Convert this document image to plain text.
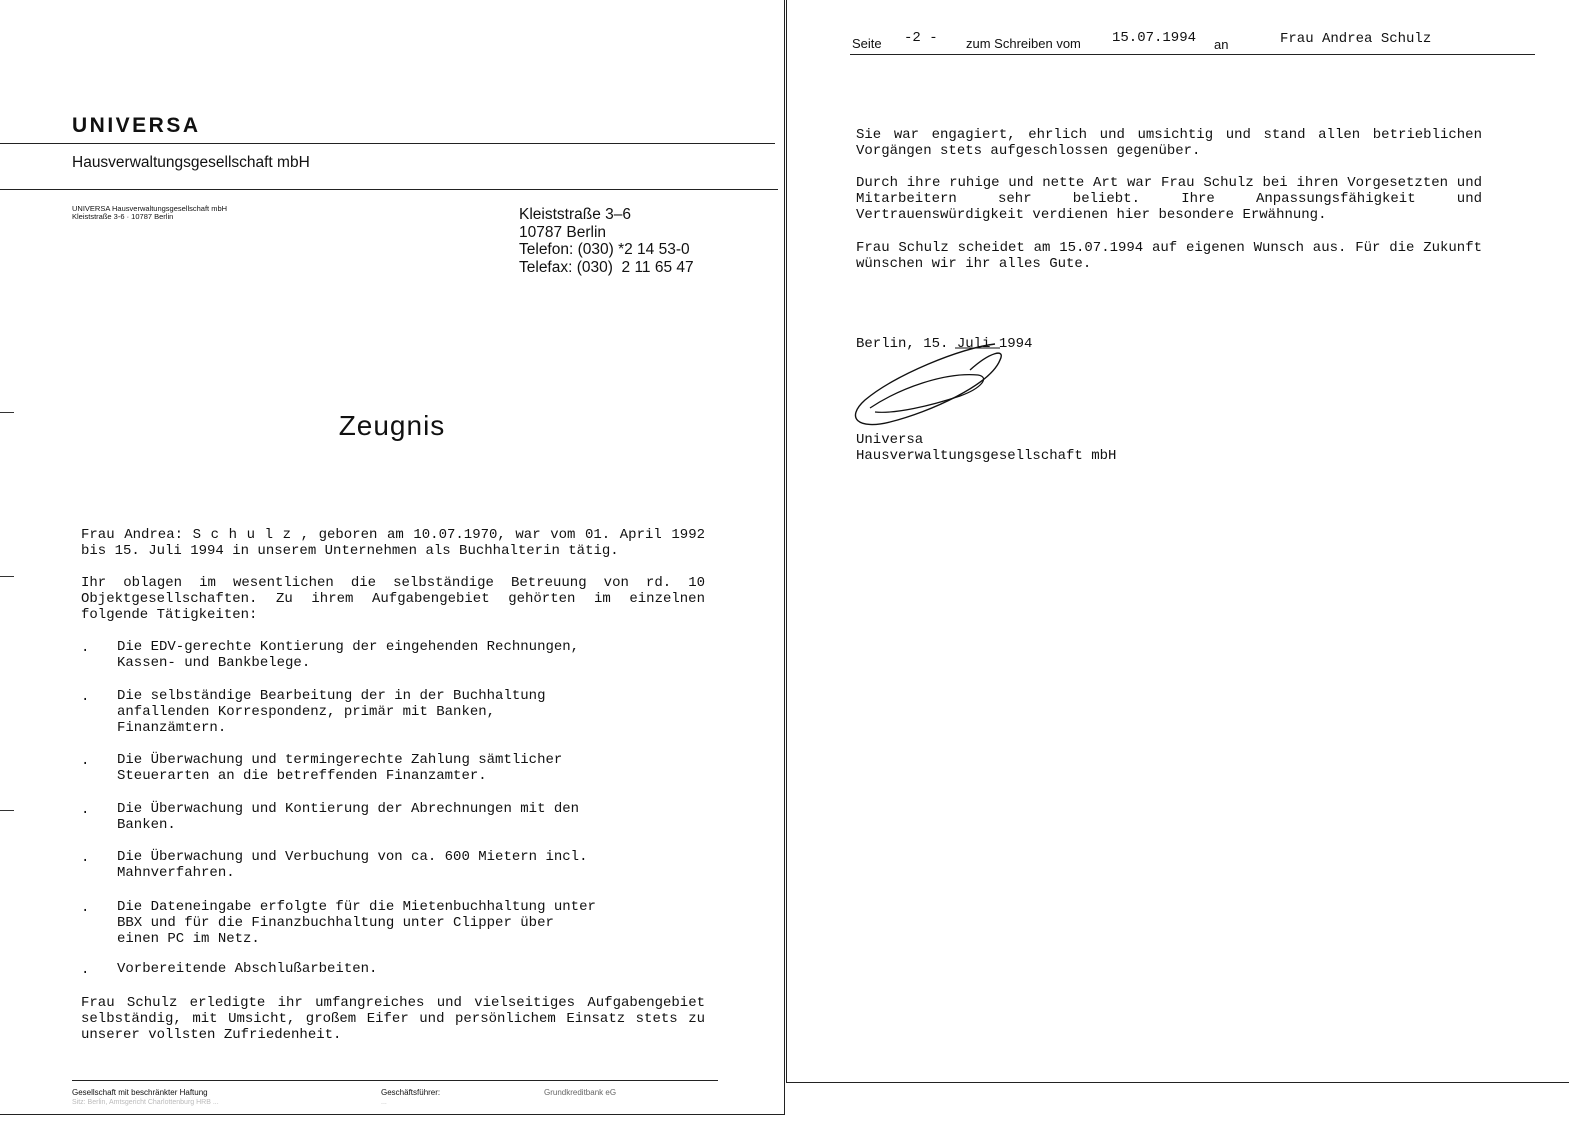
UNIVERSA
Hausverwaltungsgesellschaft mbH
UNIVERSA Hausverwaltungsgesellschaft mbH
Kleiststraße 3-6 · 10787 Berlin	Kleiststraße 3–6
10787 Berlin
Telefon: (030) *2 14 53-0
Telefax: (030)  2 11 65 47
Zeugnis
Frau Andrea: S c h u l z , geboren am 10.07.1970, war vom 01. April 1992 bis 15. Juli 1994 in unserem Unternehmen als Buchhalterin tätig.
Ihr oblagen im wesentlichen die selbständige Betreuung von rd. 10 Objektgesellschaften. Zu ihrem Aufgabengebiet gehörten im einzelnen folgende Tätigkeiten:
. Die EDV-gerechte Kontierung der eingehenden Rechnungen, Kassen- und Bankbelege.
. Die selbständige Bearbeitung der in der Buchhaltung anfallenden Korrespondenz, primär mit Banken, Finanzämtern.
. Die Überwachung und termingerechte Zahlung sämtlicher Steuerarten an die betreffenden Finanzamter.
. Die Überwachung und Kontierung der Abrechnungen mit den Banken.
. Die Überwachung und Verbuchung von ca. 600 Mietern incl. Mahnverfahren.
. Die Dateneingabe erfolgte für die Mietenbuchhaltung unter BBX und für die Finanzbuchhaltung unter Clipper über einen PC im Netz.
. Vorbereitende Abschlußarbeiten.
Frau Schulz erledigte ihr umfangreiches und vielseitiges Aufgabengebiet selbständig, mit Umsicht, großem Eifer und persönlichem Einsatz stets zu unserer vollsten Zufriedenheit.
Gesellschaft mit beschränkter Haftung
Sitz: Berlin, Amtsgericht Charlottenburg HRB ...
Geschäftsführer:
...
Grundkreditbank eG
Seite -2 - zum Schreiben vom 15.07.1994 an	Frau Andrea Schulz
Sie war engagiert, ehrlich und umsichtig und stand allen betrieblichen Vorgängen stets aufgeschlossen gegenüber.
Durch ihre ruhige und nette Art war Frau Schulz bei ihren Vorgesetzten und Mitarbeitern sehr beliebt. Ihre Anpassungsfähigkeit und Vertrauenswürdigkeit verdienen hier besondere Erwähnung.
Frau Schulz scheidet am 15.07.1994 auf eigenen Wunsch aus. Für die Zukunft wünschen wir ihr alles Gute.
Berlin, 15. Juli 1994
Universa
Hausverwaltungsgesellschaft mbH
